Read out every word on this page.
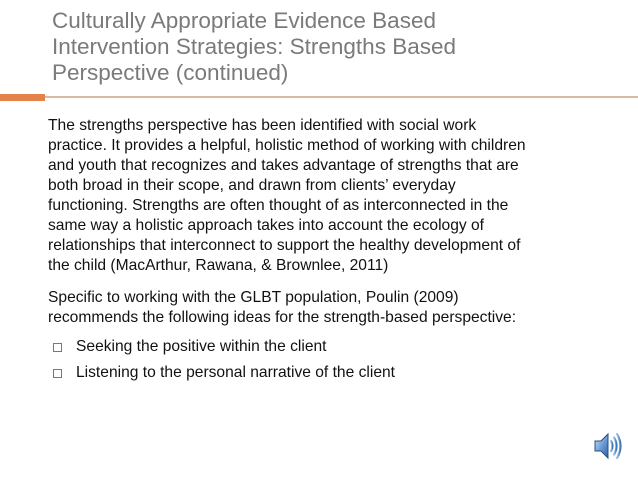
Culturally Appropriate Evidence Based
Intervention Strategies: Strengths Based
Perspective (continued)

The strengths perspective has been identified with social work
practice. It provides a helpful, holistic method of working with children
and youth that recognizes and takes advantage of strengths that are
both broad in their scope, and drawn from clients’ everyday
functioning. Strengths are often thought of as interconnected in the
same way a holistic approach takes into account the ecology of
relationships that interconnect to support the healthy development of
the child (MacArthur, Rawana, & Brownlee, 2011)

Specific to working with the GLBT population, Poulin (2009)
recommends the following ideas for the strength-based perspective:

Seeking the positive within the client
Listening to the personal narrative of the client
